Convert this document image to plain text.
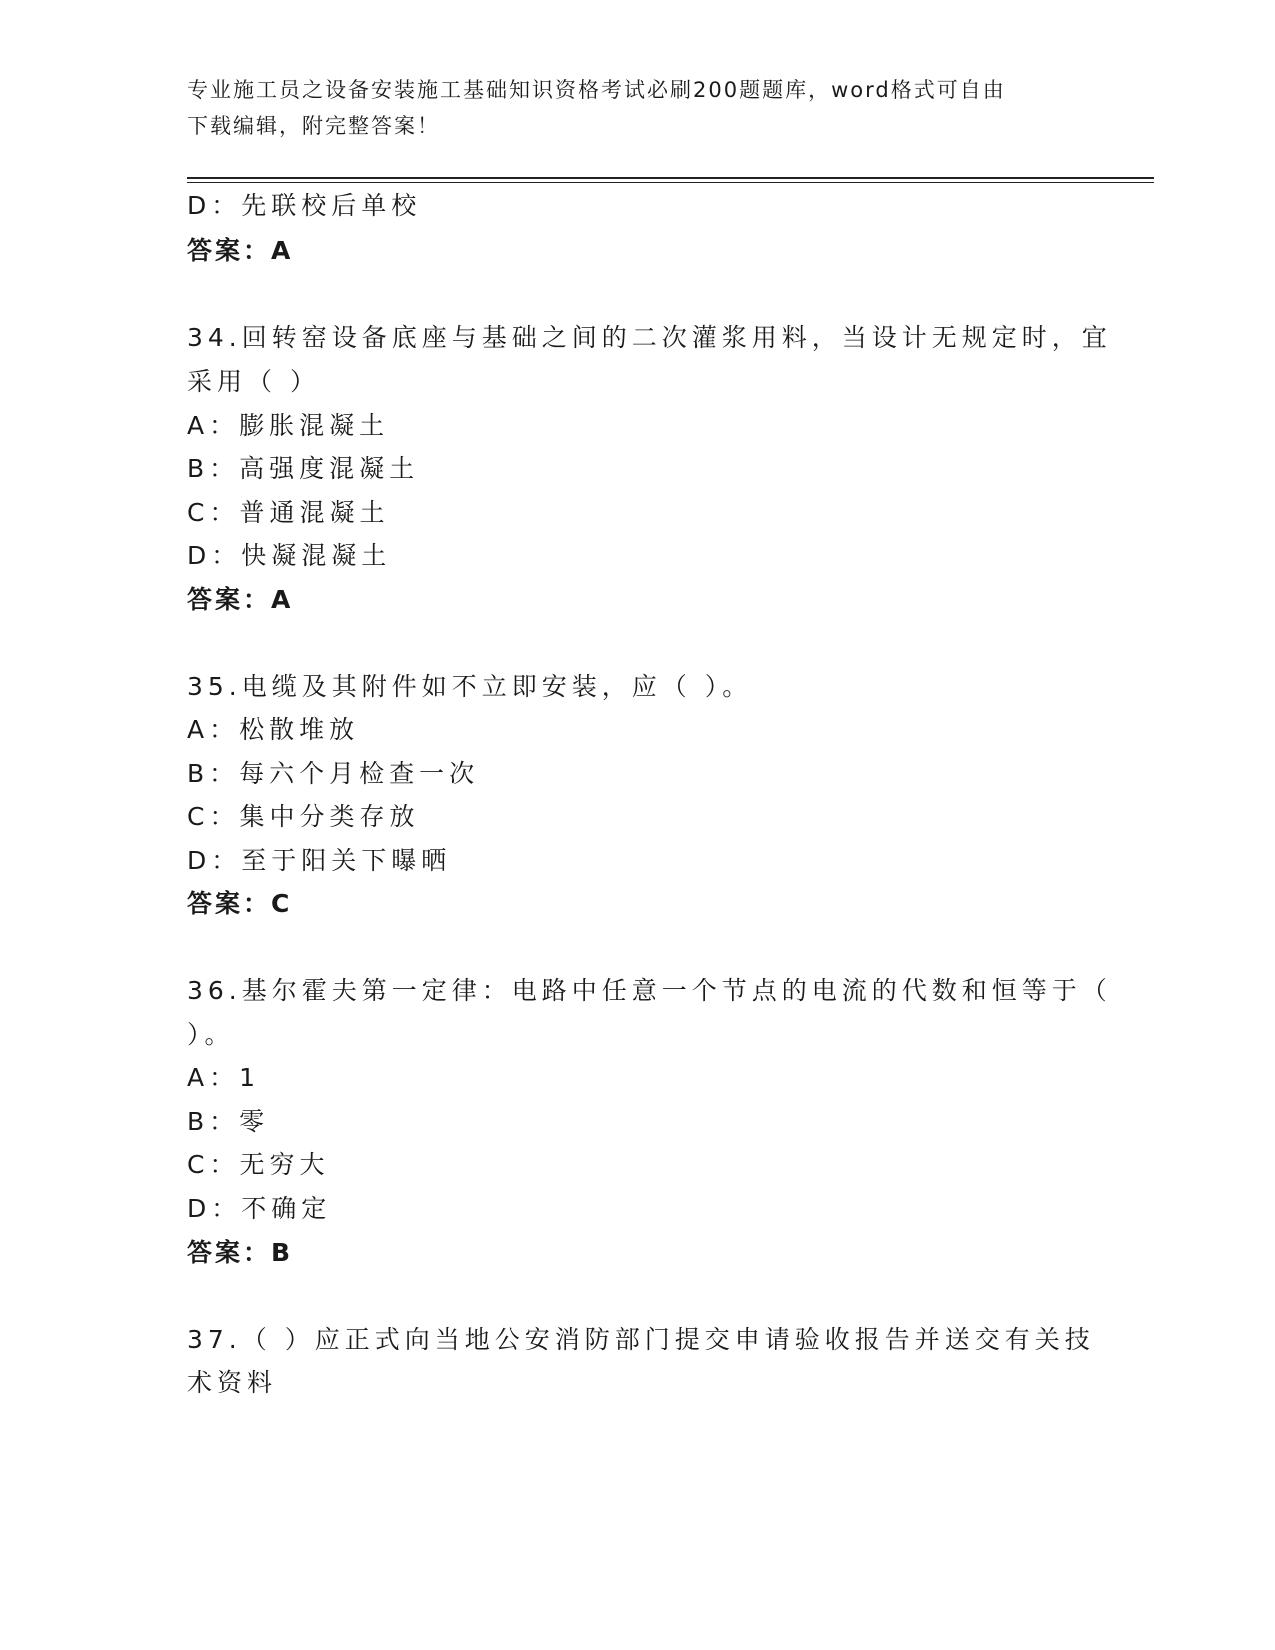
专业施工员之设备安装施工基础知识资格考试必刷200题题库，word格式可自由
下载编辑，附完整答案！
D：先联校后单校
答案：A
34.回转窑设备底座与基础之间的二次灌浆用料，当设计无规定时，宜
采用（ ）
A：膨胀混凝土
B：高强度混凝土
C：普通混凝土
D：快凝混凝土
答案：A
35.电缆及其附件如不立即安装，应（ ）。
A：松散堆放
B：每六个月检查一次
C：集中分类存放
D：至于阳关下曝晒
答案：C
36.基尔霍夫第一定律：电路中任意一个节点的电流的代数和恒等于（
）。
A：1
B：零
C：无穷大
D：不确定
答案：B
37.（ ）应正式向当地公安消防部门提交申请验收报告并送交有关技
术资料
